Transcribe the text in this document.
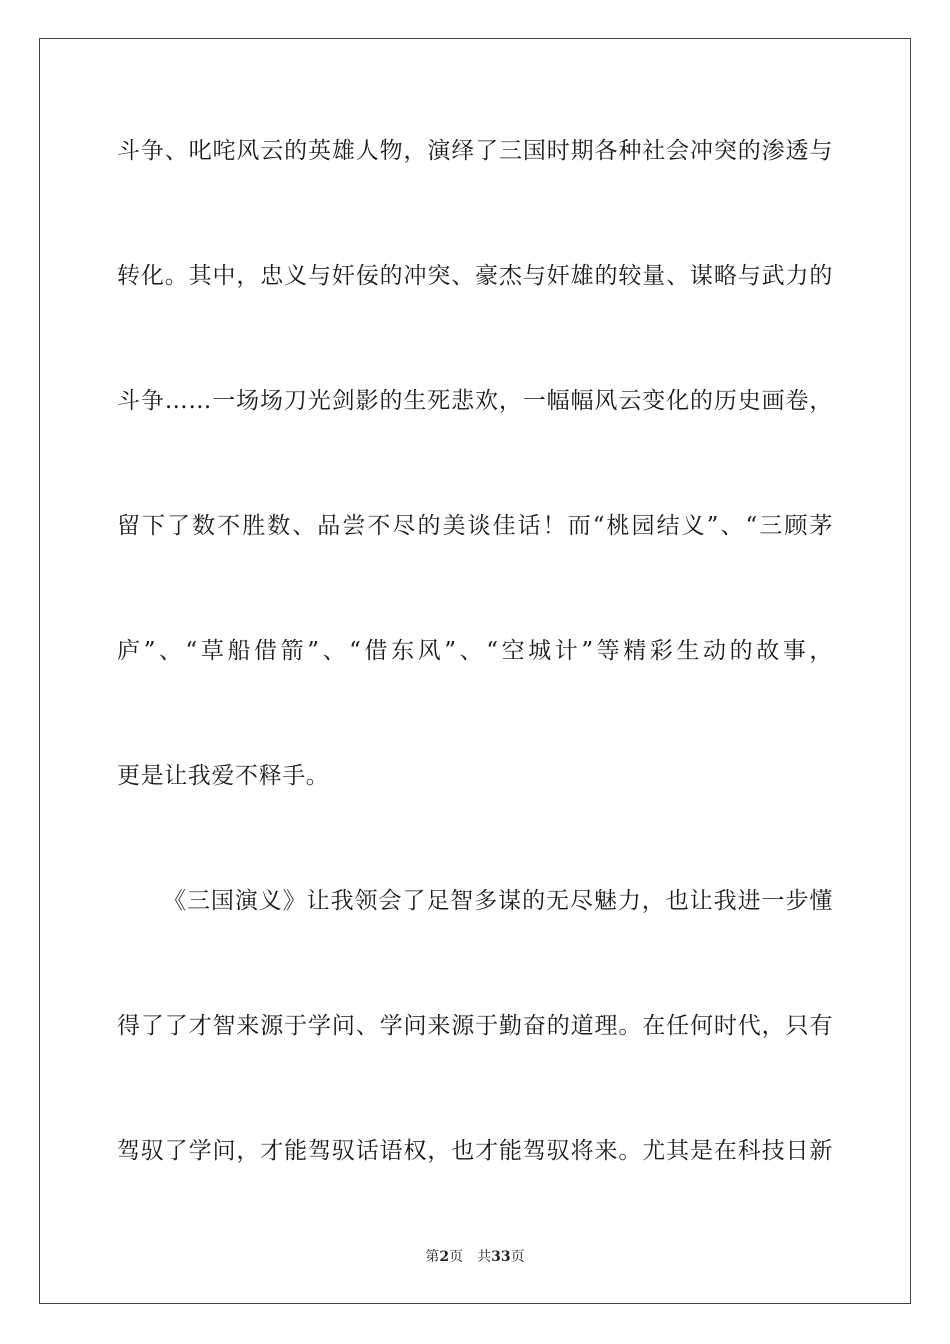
斗争、叱咤风云的英雄人物，演绎了三国时期各种社会冲突的渗透与
转化。其中，忠义与奸佞的冲突、豪杰与奸雄的较量、谋略与武力的
斗争……一场场刀光剑影的生死悲欢，一幅幅风云变化的历史画卷，
留下了数不胜数、品尝不尽的美谈佳话！而“桃园结义”、“三顾茅
庐”、“草船借箭”、“借东风”、“空城计”等精彩生动的故事，
更是让我爱不释手。
《三国演义》让我领会了足智多谋的无尽魅力，也让我进一步懂
得了了才智来源于学问、学问来源于勤奋的道理。在任何时代，只有
驾驭了学问，才能驾驭话语权，也才能驾驭将来。尤其是在科技日新
第2页 共33页
